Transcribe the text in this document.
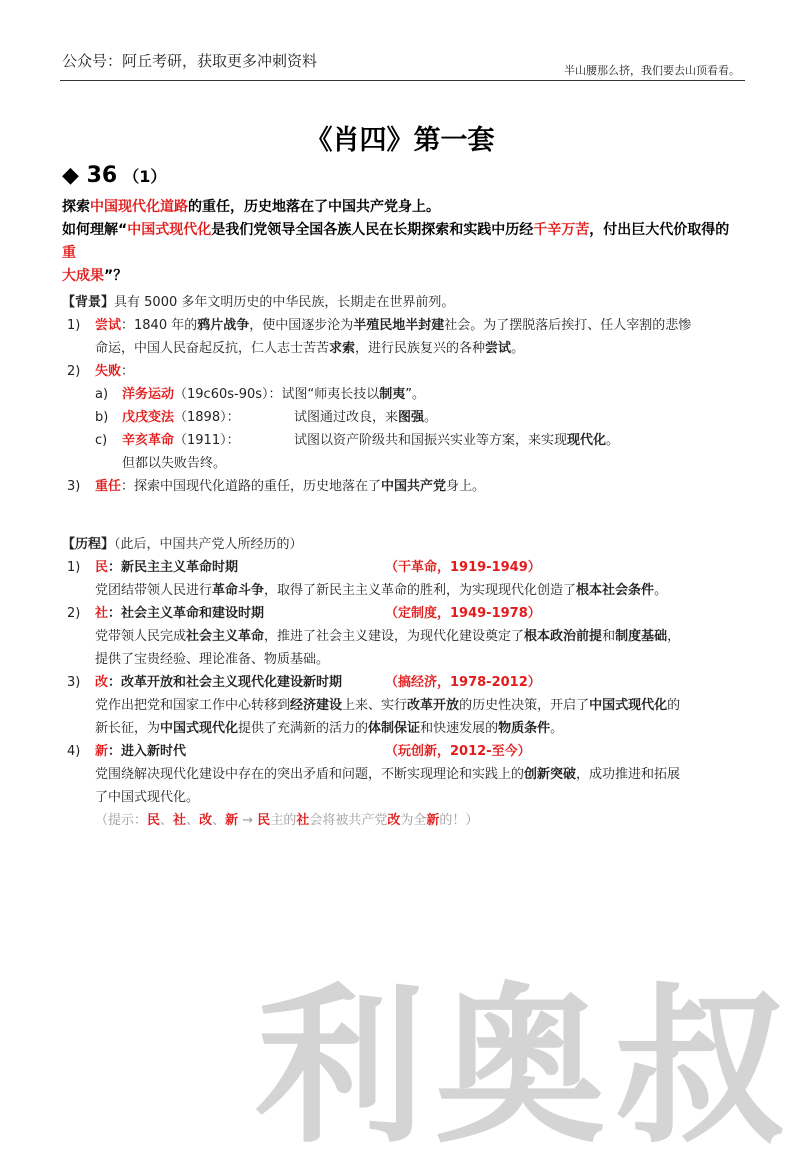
公众号：阿丘考研，获取更多冲刺资料
半山腰那么挤，我们要去山顶看看。
《肖四》第一套
◆ 36 （1）
探索中国现代化道路的重任，历史地落在了中国共产党身上。
如何理解“中国式现代化是我们党领导全国各族人民在长期探索和实践中历经千辛万苦，付出巨大代价取得的重
大成果”？
【背景】具有 5000 多年文明历史的中华民族，长期走在世界前列。
1) 尝试：1840 年的鸦片战争，使中国逐步沦为半殖民地半封建社会。为了摆脱落后挨打、任人宰割的悲惨
命运，中国人民奋起反抗，仁人志士苦苦求索，进行民族复兴的各种尝试。
2) 失败：
a) 洋务运动（19c60s-90s）：试图“师夷长技以制夷”。
b) 戊戌变法（1898）：	试图通过改良，来图强。
c) 辛亥革命（1911）：	试图以资产阶级共和国振兴实业等方案，来实现现代化。
但都以失败告终。
3) 重任：探索中国现代化道路的重任，历史地落在了中国共产党身上。
【历程】（此后，中国共产党人所经历的）
1) 民：新民主主义革命时期	（干革命，1919-1949）
党团结带领人民进行革命斗争，取得了新民主主义革命的胜利，为实现现代化创造了根本社会条件。
2) 社：社会主义革命和建设时期	（定制度，1949-1978）
党带领人民完成社会主义革命，推进了社会主义建设，为现代化建设奠定了根本政治前提和制度基础，
提供了宝贵经验、理论准备、物质基础。
3) 改：改革开放和社会主义现代化建设新时期	（搞经济，1978-2012）
党作出把党和国家工作中心转移到经济建设上来、实行改革开放的历史性决策，开启了中国式现代化的
新长征，为中国式现代化提供了充满新的活力的体制保证和快速发展的物质条件。
4) 新：进入新时代	（玩创新，2012-至今）
党围绕解决现代化建设中存在的突出矛盾和问题，不断实现理论和实践上的创新突破，成功推进和拓展
了中国式现代化。
（提示：民、社、改、新 → 民主的社会将被共产党改为全新的！）
利奥叔
